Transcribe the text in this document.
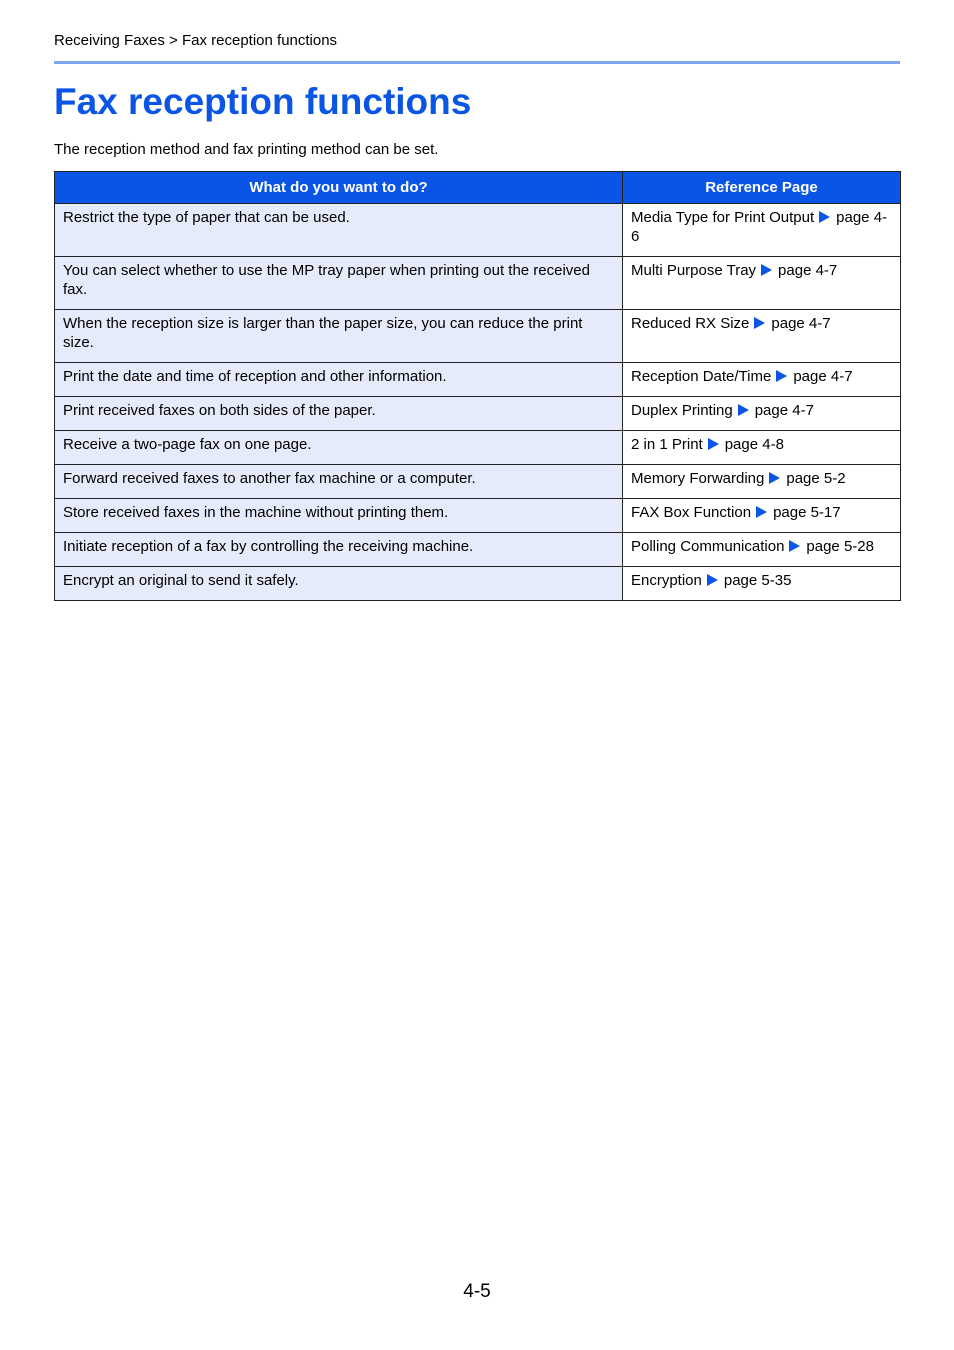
Receiving Faxes > Fax reception functions
Fax reception functions
The reception method and fax printing method can be set.
What do you want to do?	Reference Page
Restrict the type of paper that can be used.	Media Type for Print Output page 4-6
You can select whether to use the MP tray paper when printing out the received fax.	Multi Purpose Tray page 4-7
When the reception size is larger than the paper size, you can reduce the print size.	Reduced RX Size page 4-7
Print the date and time of reception and other information.	Reception Date/Time page 4-7
Print received faxes on both sides of the paper.	Duplex Printing page 4-7
Receive a two-page fax on one page.	2 in 1 Print page 4-8
Forward received faxes to another fax machine or a computer.	Memory Forwarding page 5-2
Store received faxes in the machine without printing them.	FAX Box Function page 5-17
Initiate reception of a fax by controlling the receiving machine.	Polling Communication page 5-28
Encrypt an original to send it safely.	Encryption page 5-35
4-5
